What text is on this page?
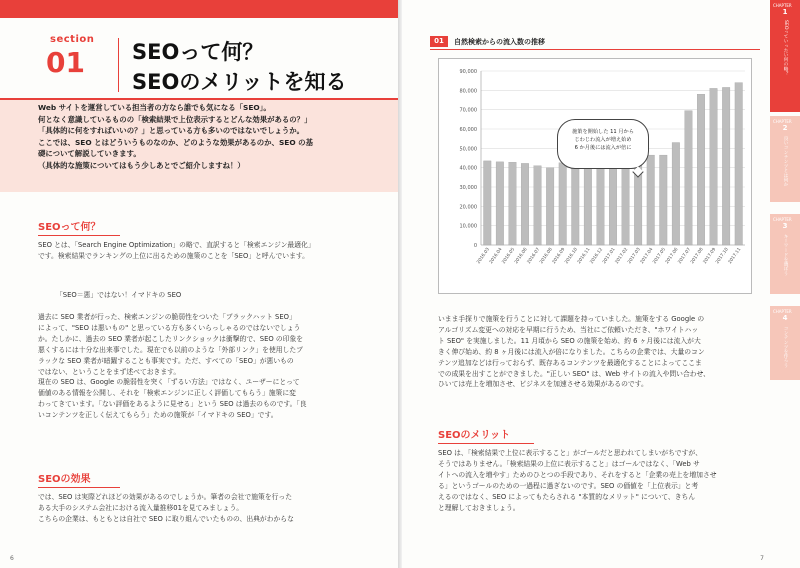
section
01 SEOって何？
SEOのメリットを知る
Web サイトを運営している担当者の方なら誰でも気になる「SEO」。
何となく意識しているものの「検索結果で上位表示するとどんな効果があるの？」
「具体的に何をすればいいの？」と思っている方も多いのではないでしょうか。
ここでは、SEO とはどういうものなのか、どのような効果があるのか、SEO の基
礎について解説していきます。
（具体的な施策についてはもう少しあとでご紹介しますね！）
SEOって何？
SEO とは、「Search Engine Optimization」の略で、直訳すると「検索エンジン最適化」
です。検索結果でランキングの上位に出るための施策のことを「SEO」と呼んでいます。
「SEO＝悪」ではない！イマドキの SEO
過去に SEO 業者が行った、検索エンジンの脆弱性をついた「ブラックハット SEO」
によって、"SEO は悪いもの" と思っている方も多くいらっしゃるのではないでしょう
か。たしかに、過去の SEO 業者が起こしたリンクショックは衝撃的で、SEO の印象を
悪くするには十分な出来事でした。現在でも以前のような「外部リンク」を使用したブ
ラックな SEO 業者が暗躍することも事実です。ただ、すべての「SEO」が悪いもの
ではない、ということをまず述べておきます。
現在の SEO は、Google の脆弱性を突く「ずるい方法」ではなく、ユーザーにとって
価値のある情報を公開し、それを「検索エンジンに正しく評価してもらう」施策に変
わってきています。「ない評価をあるように見せる」という SEO は過去のものです。「良
いコンテンツを正しく伝えてもらう」ための施策が「イマドキの SEO」です。
SEOの効果
では、SEO は実際どれほどの効果があるのでしょうか。筆者の会社で施策を行った
ある大手のシステム会社における流入量推移01を見てみましょう。
こちらの企業は、もともとは自社で SEO に取り組んでいたものの、出典がわからな
6
01	自然検索からの流入数の推移
0
10,000
20,000
30,000
40,000
50,000
60,000
70,000
80,000
90,000
2016.03
2016.04
2016.05
2016.06
2016.07
2016.08
2016.09
2016.10
2016.11
2016.12
2017.01
2017.02
2017.03
2017.04
2017.05
2017.06
2017.07
2017.08
2017.09
2017.10
2017.11
施策を開始した 11 月から
じわじわ流入が増え始め
6 か月後には流入が倍に
いまま手探りで施策を行うことに対して課題を持っていました。施策をする Google の
アルゴリズム変更への対応を早期に行うため、当社にご依頼いただき、"ホワイトハッ
ト SEO" を実施しました。11 月頃から SEO の施策を始め、約 6 ヶ月後には流入が大
きく伸び始め、約 8 ヶ月後には流入が倍になりました。こちらの企業では、大量のコン
テンツ追加などは行っておらず、既存あるコンテンツを最適化することによってここま
での成果を出すことができました。"正しい SEO" は、Web サイトの流入や問い合わせ、
ひいては売上を増加させ、ビジネスを加速させる効果があるのです。
SEOのメリット
SEO は、「検索結果で上位に表示すること」がゴールだと思われてしまいがちですが、
そうではありません。「検索結果の上位に表示すること」はゴールではなく、「Web サ
イトへの流入を増やす」ためのひとつの手段であり、それをすると「企業の売上を増加させ
る」というゴールのための一過程に過ぎないのです。SEO の価値を「上位表示」と考
えるのではなく、SEO によってもたらされる "本質的なメリット" について、きちん
と理解しておきましょう。
CHAPTER
1
SEOっていったい何の略？
CHAPTER
2
良いコンテンツとは何か
CHAPTER
3
キーワードを選ぼう
CHAPTER
4
コンテンツを作ろう
7
